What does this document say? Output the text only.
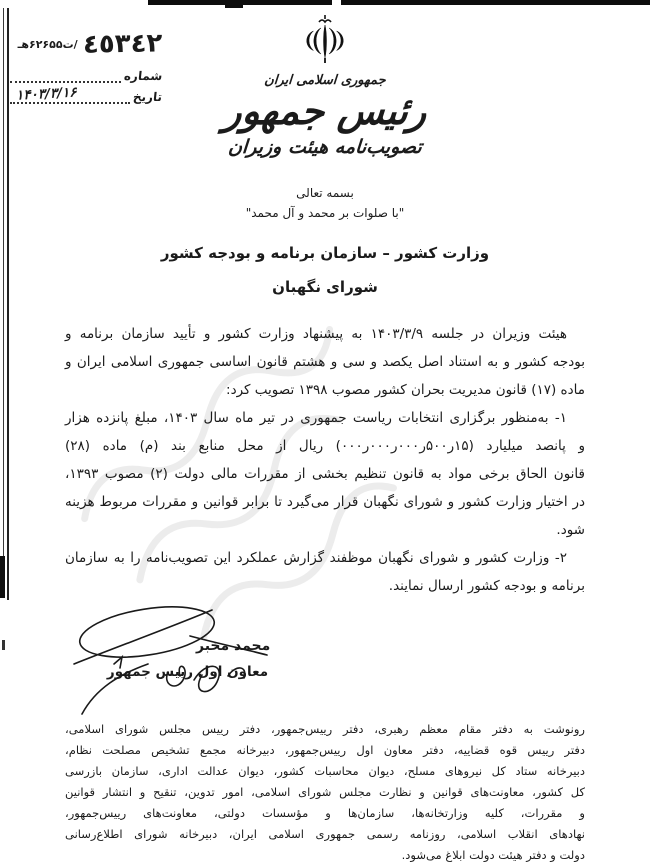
٤٥٣٤٢
/ت۶۲۶۵۵هـ
شماره
تاریخ
۱۴۰۳/۳/۱۶
جمهوری اسلامی ایران
رئیس جمهور
تصویب‌نامه هیئت وزیران
بسمه تعالی
"با صلوات بر محمد و آل محمد"
وزارت کشور – سازمان برنامه و بودجه کشور
شورای نگهبان
هیئت وزیران در جلسه ۱۴۰۳/۳/۹ به پیشنهاد وزارت کشور و تأیید سازمان برنامه و
بودجه کشور و به استناد اصل یکصد و سی و هشتم قانون اساسی جمهوری اسلامی ایران و
ماده (۱۷) قانون مدیریت بحران کشور مصوب ۱۳۹۸ تصویب کرد:
۱- به‌منظور برگزاری انتخابات ریاست جمهوری در تیر ماه سال ۱۴۰۳، مبلغ پانزده هزار
و پانصد میلیارد (۱۵ر۵۰۰ر۰۰۰ر۰۰۰ر۰۰۰) ریال از محل منابع بند (م) ماده (۲۸)
قانون الحاق برخی مواد به قانون تنظیم بخشی از مقررات مالی دولت (۲) مصوب ۱۳۹۳،
در اختیار وزارت کشور و شورای نگهبان قرار می‌گیرد تا برابر قوانین و مقررات مربوط هزینه
شود.
۲- وزارت کشور و شورای نگهبان موظفند گزارش عملکرد این تصویب‌نامه را به سازمان
برنامه و بودجه کشور ارسال نمایند.
محمد مخبر
معاون اول رییس جمهور
رونوشت به دفتر مقام معظم رهبری، دفتر رییس‌جمهور، دفتر رییس مجلس شورای اسلامی،
دفتر رییس قوه قضاییه، دفتر معاون اول رییس‌جمهور، دبیرخانه مجمع تشخیص مصلحت نظام،
دبیرخانه ستاد کل نیروهای مسلح، دیوان محاسبات کشور، دیوان عدالت اداری، سازمان بازرسی
کل کشور، معاونت‌های قوانین و نظارت مجلس شورای اسلامی، امور تدوین، تنقیح و انتشار قوانین
و مقررات، کلیه وزارتخانه‌ها، سازمان‌ها و مؤسسات دولتی، معاونت‌های رییس‌جمهور،
نهادهای انقلاب اسلامی، روزنامه رسمی جمهوری اسلامی ایران، دبیرخانه شورای اطلاع‌رسانی
دولت و دفتر هیئت دولت ابلاغ می‌شود.
